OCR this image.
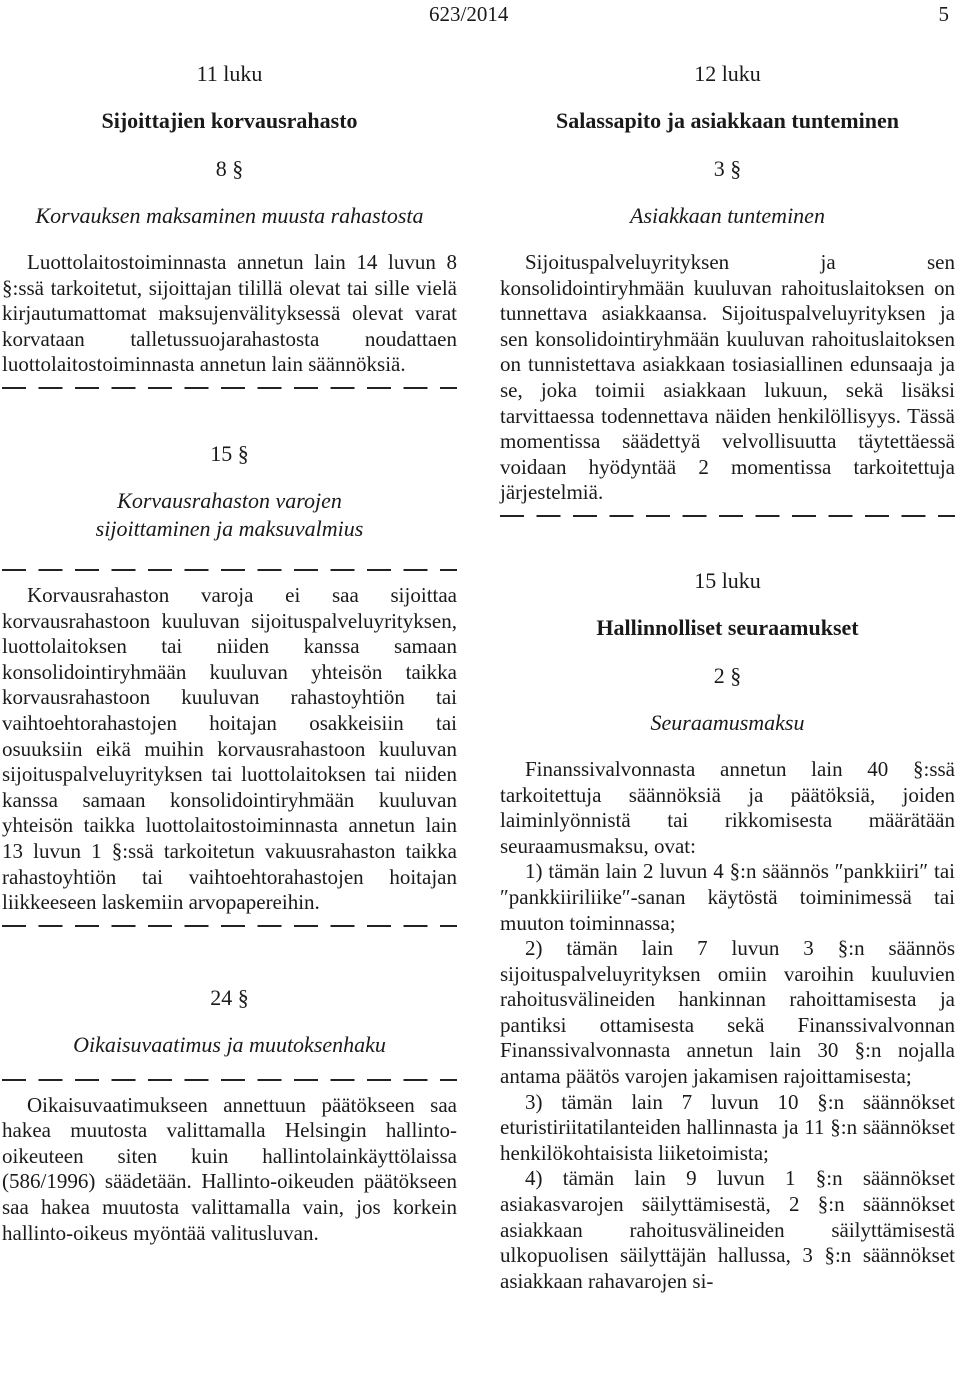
623/2014	5
11 luku
Sijoittajien korvausrahasto
8 §
Korvauksen maksaminen muusta rahastosta

Luottolaitostoiminnasta annetun lain 14 luvun 8 §:ssä tarkoitetut, sijoittajan tilillä olevat tai sille vielä kirjautumattomat maksujenvälityksessä olevat varat korvataan talletussuojarahastosta noudattaen luottolaitostoiminnasta annetun lain säännöksiä.

15 §
Korvausrahaston varojen sijoittaminen ja maksuvalmius

Korvausrahaston varoja ei saa sijoittaa korvausrahastoon kuuluvan sijoituspalveluyrityksen, luottolaitoksen tai niiden kanssa samaan konsolidointiryhmään kuuluvan yhteisön taikka korvausrahastoon kuuluvan rahastoyhtiön tai vaihtoehtorahastojen hoitajan osakkeisiin tai osuuksiin eikä muihin korvausrahastoon kuuluvan sijoituspalveluyrityksen tai luottolaitoksen tai niiden kanssa samaan konsolidointiryhmään kuuluvan yhteisön taikka luottolaitostoiminnasta annetun lain 13 luvun 1 §:ssä tarkoitetun vakuusrahaston taikka rahastoyhtiön tai vaihtoehtorahastojen hoitajan liikkeeseen laskemiin arvopapereihin.

24 §
Oikaisuvaatimus ja muutoksenhaku

Oikaisuvaatimukseen annettuun päätökseen saa hakea muutosta valittamalla Helsingin hallinto-oikeuteen siten kuin hallintolainkäyttölaissa (586/1996) säädetään. Hallinto-oikeuden päätökseen saa hakea muutosta valittamalla vain, jos korkein hallinto-oikeus myöntää valitusluvan.

12 luku
Salassapito ja asiakkaan tunteminen
3 §
Asiakkaan tunteminen

Sijoituspalveluyrityksen ja sen konsolidointiryhmään kuuluvan rahoituslaitoksen on tunnettava asiakkaansa. Sijoituspalveluyrityksen ja sen konsolidointiryhmään kuuluvan rahoituslaitoksen on tunnistettava asiakkaan tosiasiallinen edunsaaja ja se, joka toimii asiakkaan lukuun, sekä lisäksi tarvittaessa todennettava näiden henkilöllisyys. Tässä momentissa säädettyä velvollisuutta täytettäessä voidaan hyödyntää 2 momentissa tarkoitettuja järjestelmiä.

15 luku
Hallinnolliset seuraamukset
2 §
Seuraamusmaksu

Finanssivalvonnasta annetun lain 40 §:ssä tarkoitettuja säännöksiä ja päätöksiä, joiden laiminlyönnistä tai rikkomisesta määrätään seuraamusmaksu, ovat:

1) tämän lain 2 luvun 4 §:n säännös ″pankkiiri″ tai ″pankkiiriliike″-sanan käytöstä toiminimessä tai muuton toiminnassa;

2) tämän lain 7 luvun 3 §:n säännös sijoituspalveluyrityksen omiin varoihin kuuluvien rahoitusvälineiden hankinnan rahoittamisesta ja pantiksi ottamisesta sekä Finanssivalvonnan Finanssivalvonnasta annetun lain 30 §:n nojalla antama päätös varojen jakamisen rajoittamisesta;

3) tämän lain 7 luvun 10 §:n säännökset eturistiriitatilanteiden hallinnasta ja 11 §:n säännökset henkilökohtaisista liiketoimista;

4) tämän lain 9 luvun 1 §:n säännökset asiakasvarojen säilyttämisestä, 2 §:n säännökset asiakkaan rahoitusvälineiden säilyttämisestä ulkopuolisen säilyttäjän hallussa, 3 §:n säännökset asiakkaan rahavarojen si-
